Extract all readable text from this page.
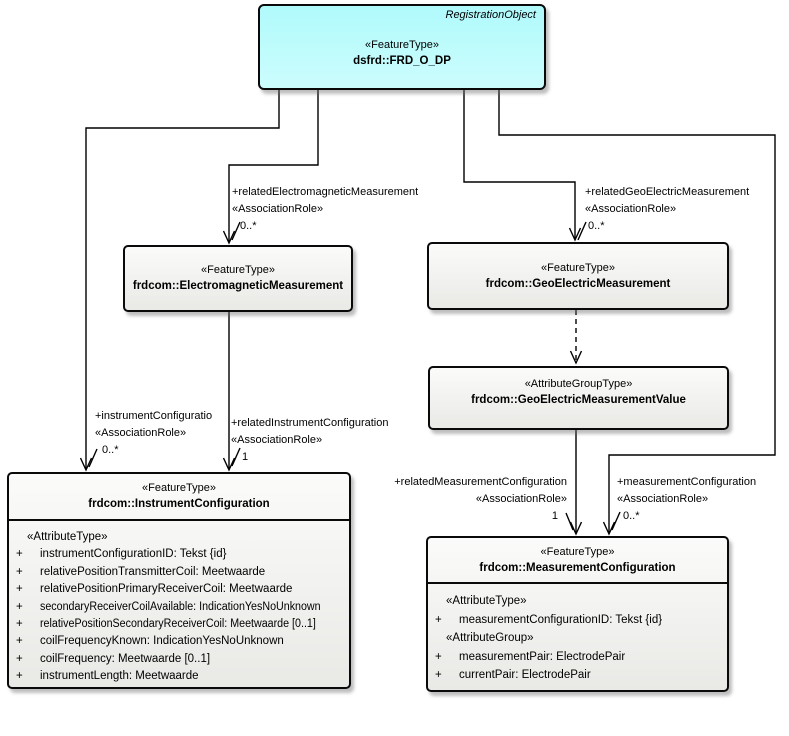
RegistrationObject
«FeatureType»
dsfrd::FRD_O_DP
«FeatureType»
frdcom::ElectromagneticMeasurement
«FeatureType»
frdcom::GeoElectricMeasurement
«AttributeGroupType»
frdcom::GeoElectricMeasurementValue
«FeatureType»
frdcom::InstrumentConfiguration
«AttributeType»
+	instrumentConfigurationID: Tekst {id}
+	relativePositionTransmitterCoil: Meetwaarde
+	relativePositionPrimaryReceiverCoil: Meetwaarde
+	secondaryReceiverCoilAvailable: IndicationYesNoUnknown
+	relativePositionSecondaryReceiverCoil: Meetwaarde [0..1]
+	coilFrequencyKnown: IndicationYesNoUnknown
+	coilFrequency: Meetwaarde [0..1]
+	instrumentLength: Meetwaarde
«FeatureType»
frdcom::MeasurementConfiguration
«AttributeType»
+	measurementConfigurationID: Tekst {id}
«AttributeGroup»
+	measurementPair: ElectrodePair
+	currentPair: ElectrodePair
+relatedElectromagneticMeasurement
«AssociationRole»
0..*
+relatedGeoElectricMeasurement
«AssociationRole»
0..*
+instrumentConfiguratio
«AssociationRole»
0..*
+relatedInstrumentConfiguration
«AssociationRole»
1
+relatedMeasurementConfiguration
«AssociationRole»
1
+measurementConfiguration
«AssociationRole»
0..*
